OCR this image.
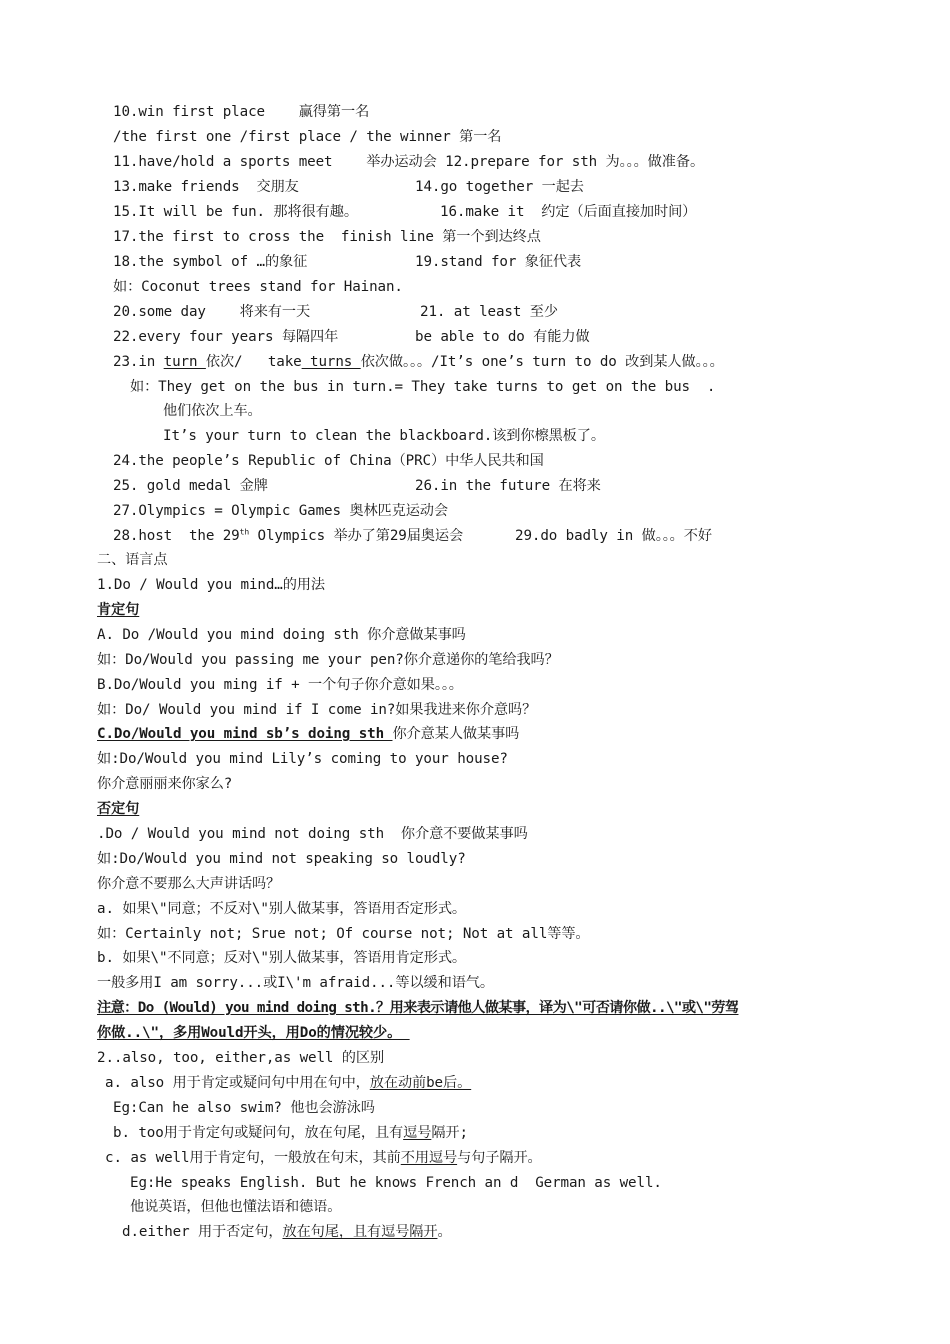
10.win first place    赢得第一名
/the first one /first place / the winner 第一名
11.have/hold a sports meet    举办运动会 12.prepare for sth 为。。。做准备。
13.make friends  交朋友	14.go together 一起去
15.It will be fun. 那将很有趣。	16.make it  约定（后面直接加时间）
17.the first to cross the  finish line 第一个到达终点
18.the symbol of …的象征	19.stand for 象征代表
如：Coconut trees stand for Hainan.
20.some day    将来有一天	21. at least 至少
22.every four years 每隔四年	be able to do 有能力做
23.in turn 依次/   take turns 依次做。。。/It’s one’s turn to do 改到某人做。。。
如：They get on the bus in turn.= They take turns to get on the bus  .
他们依次上车。
It’s your turn to clean the blackboard.该到你檫黑板了。
24.the people’s Republic of China（PRC）中华人民共和国
25. gold medal 金牌	26.in the future 在将来
27.Olympics = Olympic Games 奥林匹克运动会
28.host  the 29th Olympics 举办了第29届奥运会	29.do badly in 做。。。不好
二、语言点
1.Do / Would you mind…的用法
肯定句
A. Do /Would you mind doing sth 你介意做某事吗
如：Do/Would you passing me your pen?你介意递你的笔给我吗？
B.Do/Would you ming if + 一个句子你介意如果。。。
如：Do/ Would you mind if I come in?如果我进来你介意吗？
C.Do/Would you mind sb’s doing sth 你介意某人做某事吗
如:Do/Would you mind Lily’s coming to your house?
你介意丽丽来你家么?
否定句
.Do / Would you mind not doing sth  你介意不要做某事吗
如:Do/Would you mind not speaking so loudly?
你介意不要那么大声讲话吗？
a. 如果\"同意；不反对\"别人做某事，答语用否定形式。
如：Certainly not; Srue not; Of course not; Not at all等等。
b. 如果\"不同意；反对\"别人做某事，答语用肯定形式。
一般多用I am sorry...或I\'m afraid...等以缓和语气。
注意：Do (Would) you mind doing sth.？用来表示请他人做某事，译为\"可否请你做..\"或\"劳驾
你做..\"，多用Would开头，用Do的情况较少。
2..also, too, either,as well 的区别
a. also 用于肯定或疑问句中用在句中，放在动前be后。
Eg:Can he also swim? 他也会游泳吗
b. too用于肯定句或疑问句，放在句尾，且有逗号隔开;
c. as well用于肯定句，一般放在句末，其前不用逗号与句子隔开。
Eg:He speaks English. But he knows French an d  German as well.
他说英语，但他也懂法语和德语。
d.either 用于否定句，放在句尾，且有逗号隔开。
